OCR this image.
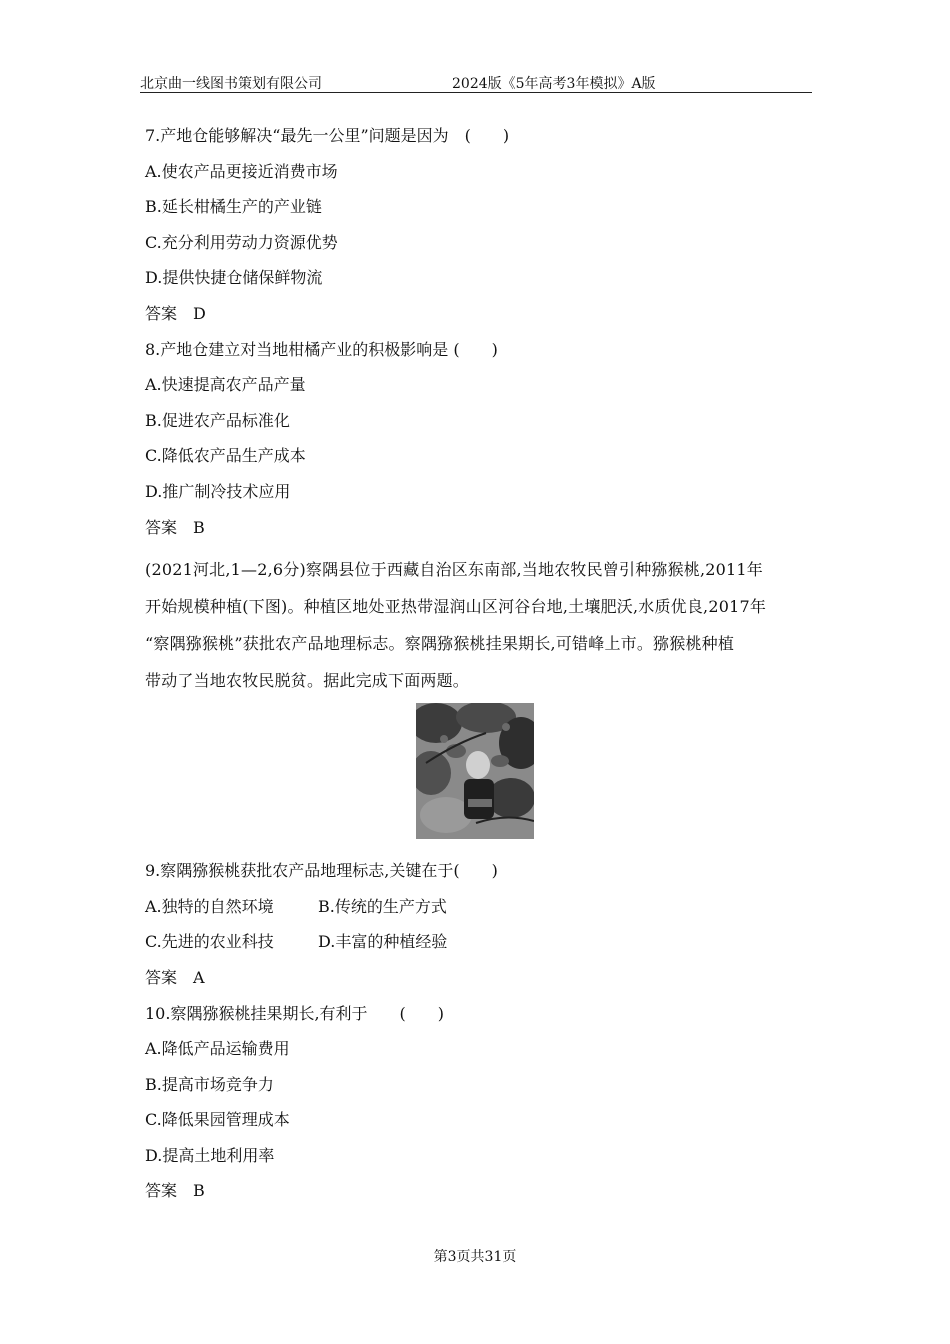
北京曲一线图书策划有限公司	2024版《5年高考3年模拟》A版
7.产地仓能够解决“最先一公里”问题是因为　(　　)
A.使农产品更接近消费市场
B.延长柑橘生产的产业链
C.充分利用劳动力资源优势
D.提供快捷仓储保鲜物流
答案　D
8.产地仓建立对当地柑橘产业的积极影响是 (　　)
A.快速提高农产品产量
B.促进农产品标准化
C.降低农产品生产成本
D.推广制冷技术应用
答案　B
(2021河北,1—2,6分)察隅县位于西藏自治区东南部,当地农牧民曾引种猕猴桃,2011年
开始规模种植(下图)。种植区地处亚热带湿润山区河谷台地,土壤肥沃,水质优良,2017年
“察隅猕猴桃”获批农产品地理标志。察隅猕猴桃挂果期长,可错峰上市。猕猴桃种植
带动了当地农牧民脱贫。据此完成下面两题。
9.察隅猕猴桃获批农产品地理标志,关键在于(　　)
A.独特的自然环境	B.传统的生产方式
C.先进的农业科技	D.丰富的种植经验
答案　A
10.察隅猕猴桃挂果期长,有利于　　(　　)
A.降低产品运输费用
B.提高市场竞争力
C.降低果园管理成本
D.提高土地利用率
答案　B
第3页共31页
